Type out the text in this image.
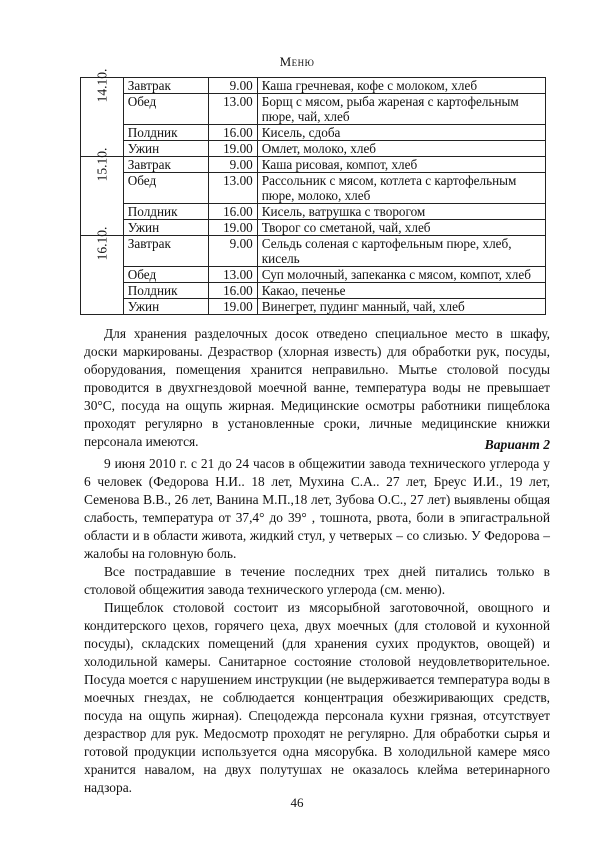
Меню
14.10.	Завтрак	9.00	Каша гречневая, кофе с молоком, хлеб
	Обед	13.00	Борщ с мясом, рыба жареная с картофельным пюре, чай, хлеб
	Полдник	16.00	Кисель, сдоба
	Ужин	19.00	Омлет, молоко, хлеб
15.10.	Завтрак	9.00	Каша рисовая, компот, хлеб
	Обед	13.00	Рассольник с мясом, котлета с картофельным пюре, молоко, хлеб
	Полдник	16.00	Кисель, ватрушка с творогом
	Ужин	19.00	Творог со сметаной, чай, хлеб
16.10.	Завтрак	9.00	Сельдь соленая с картофельным пюре, хлеб, кисель
	Обед	13.00	Суп молочный, запеканка с мясом, компот, хлеб
	Полдник	16.00	Какао, печенье
	Ужин	19.00	Винегрет, пудинг манный, чай, хлеб

Для хранения разделочных досок отведено специальное место в шкафу, доски маркированы. Дезраствор (хлорная известь) для обработки рук, посуды, оборудования, помещения хранится неправильно. Мытье столовой посуды проводится в двухгнездовой моечной ванне, температура воды не превышает 30°С, посуда на ощупь жирная. Медицинские осмотры работники пищеблока проходят регулярно в установленные сроки, личные медицинские книжки персонала имеются.	Вариант 2

9 июня 2010 г. с 21 до 24 часов в общежитии завода технического углерода у 6 человек (Федорова Н.И.. 18 лет, Мухина С.А.. 27 лет, Бреус И.И., 19 лет, Семенова В.В., 26 лет, Ванина М.П.,18 лет, Зубова О.С., 27 лет) выявлены общая слабость, температура от 37,4° до 39° , тошнота, рвота, боли в эпигастральной области и в области живота, жидкий стул, у четверых – со слизью. У Федорова – жалобы на головную боль.

Все пострадавшие в течение последних трех дней питались только в столовой общежития завода технического углерода (см. меню).

Пищеблок столовой состоит из мясорыбной заготовочной, овощного и кондитерского цехов, горячего цеха, двух моечных (для столовой и кухонной посуды), складских помещений (для хранения сухих продуктов, овощей) и холодильной камеры. Санитарное состояние столовой неудовлетворительное. Посуда моется с нарушением инструкции (не выдерживается температура воды в моечных гнездах, не соблюдается концентрация обезжиривающих средств, посуда на ощупь жирная). Спецодежда персонала кухни грязная, отсутствует дезраствор для рук. Медосмотр проходят не регулярно. Для обработки сырья и готовой продукции используется одна мясорубка. В холодильной камере мясо хранится навалом, на двух полутушах не оказалось клейма ветеринарного надзора.

46
